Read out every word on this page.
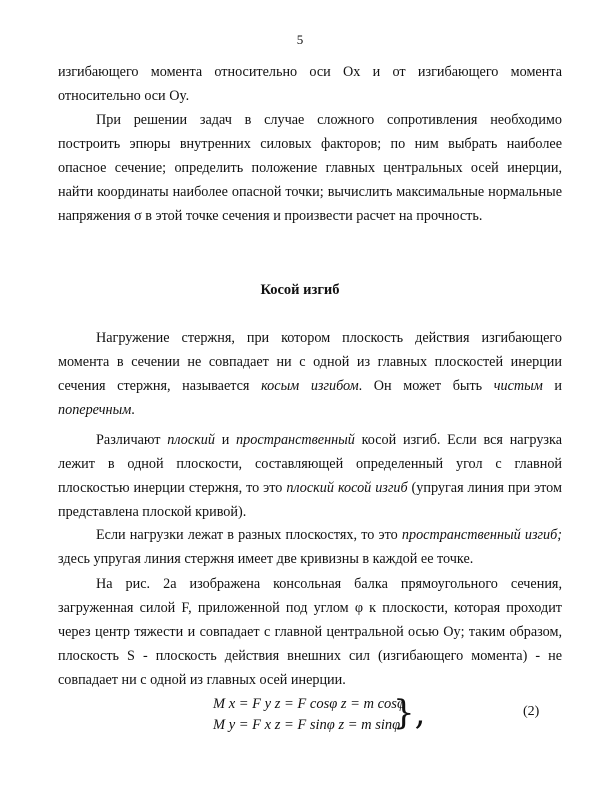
5

изгибающего момента относительно оси Ox и от изгибающего момента относительно оси Oy.

При решении задач в случае сложного сопротивления необходимо построить эпюры внутренних силовых факторов; по ним выбрать наиболее опасное сечение; определить положение главных центральных осей инерции, найти координаты наиболее опасной точки; вычислить максимальные нормальные напряжения σ в этой точке сечения и произвести расчет на прочность.

Косой изгиб

Нагружение стержня, при котором плоскость действия изгибающего момента в сечении не совпадает ни с одной из главных плоскостей инерции сечения стержня, называется косым изгибом. Он может быть чистым и поперечным.

Различают плоский и пространственный косой изгиб. Если вся нагрузка лежит в одной плоскости, составляющей определенный угол с главной плоскостью инерции стержня, то это плоский косой изгиб (упругая линия при этом представлена плоской кривой).

Если нагрузки лежат в разных плоскостях, то это пространственный изгиб; здесь упругая линия стержня имеет две кривизны в каждой ее точке.

На рис. 2а изображена консольная балка прямоугольного сечения, загруженная силой F, приложенной под углом φ к плоскости, которая проходит через центр тяжести и совпадает с главной центральной осью Oy; таким образом, плоскость S - плоскость действия внешних сил (изгибающего момента) - не совпадает ни с одной из главных осей инерции.

M x = F y z = F cosφ z = m cosφ
M y = F x z = F sinφ z = m sinφ
},	(2)
